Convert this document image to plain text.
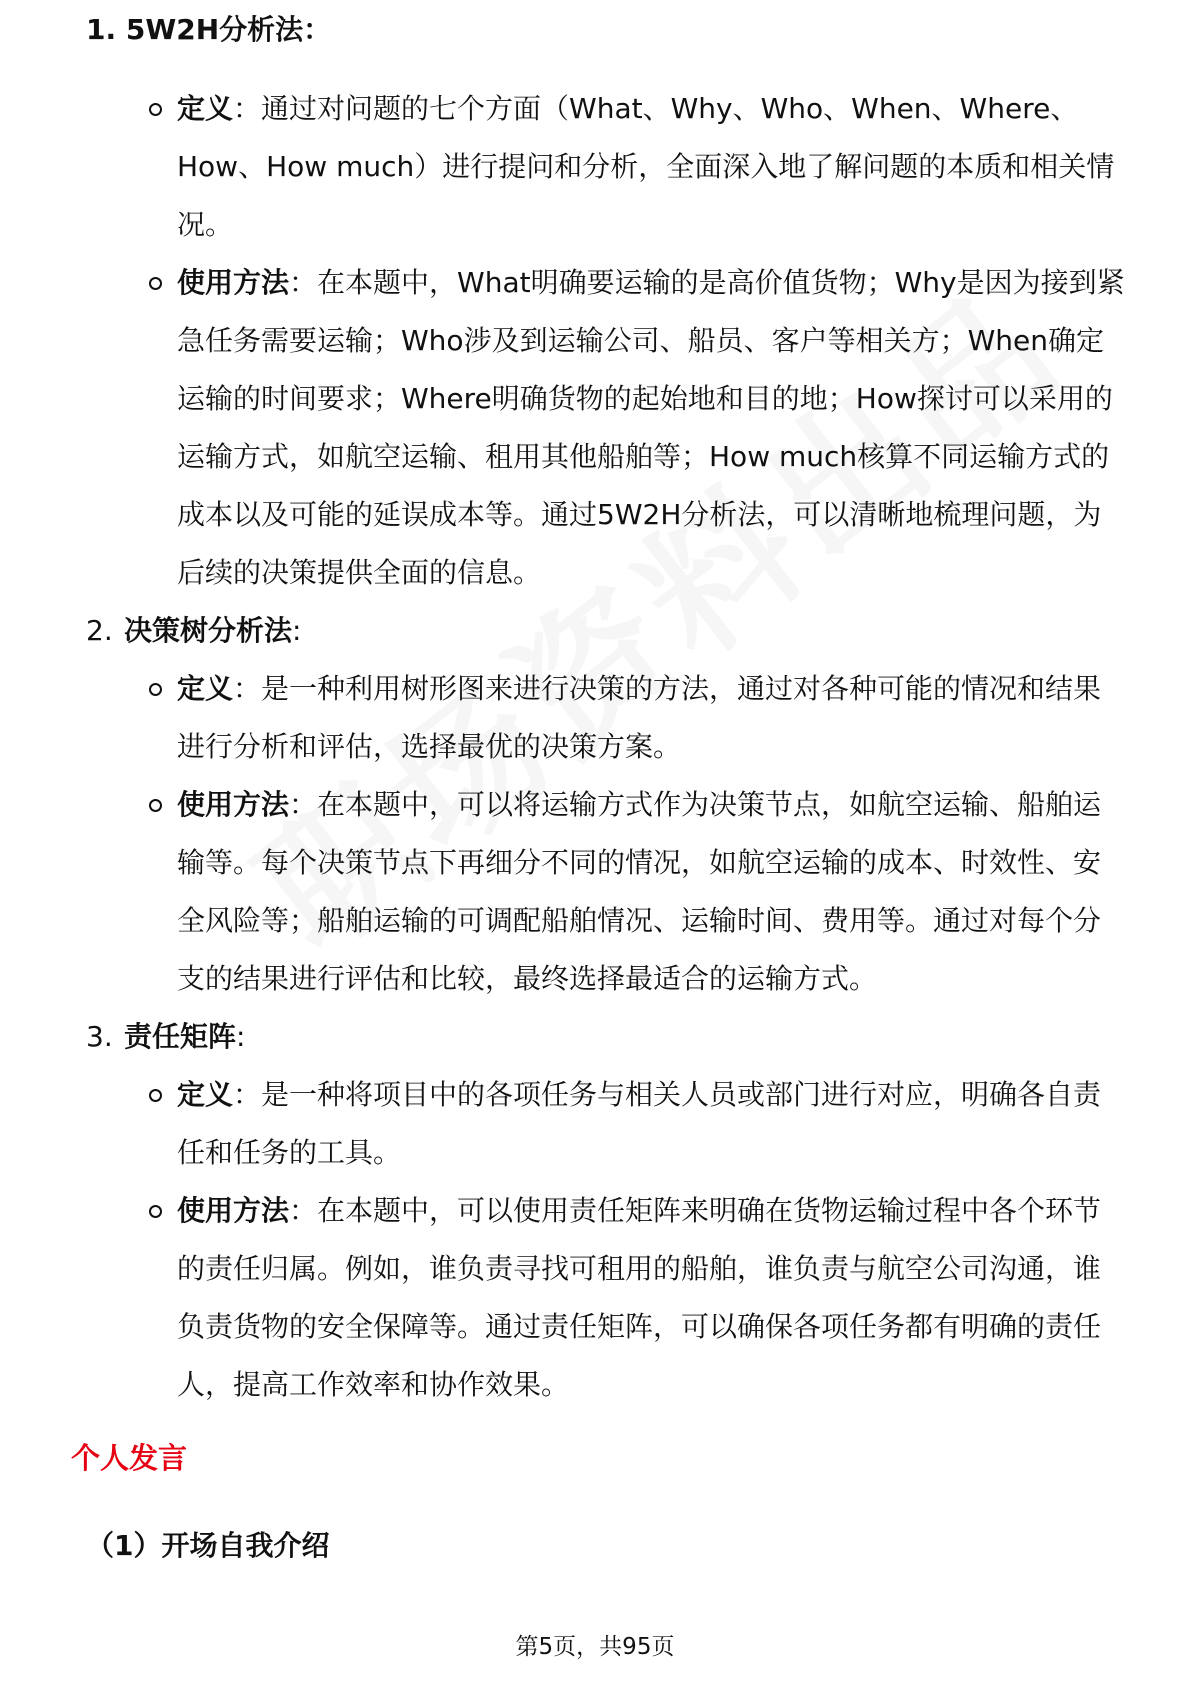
1. 5W2H分析法：
定义：通过对问题的七个方面（What、Why、Who、When、Where、How、How much）进行提问和分析，全面深入地了解问题的本质和相关情况。
使用方法：在本题中，What明确要运输的是高价值货物；Why是因为接到紧急任务需要运输；Who涉及到运输公司、船员、客户等相关方；When确定运输的时间要求；Where明确货物的起始地和目的地；How探讨可以采用的运输方式，如航空运输、租用其他船舶等；How much核算不同运输方式的成本以及可能的延误成本等。通过5W2H分析法，可以清晰地梳理问题，为后续的决策提供全面的信息。
2. 决策树分析法:
定义：是一种利用树形图来进行决策的方法，通过对各种可能的情况和结果进行分析和评估，选择最优的决策方案。
使用方法：在本题中，可以将运输方式作为决策节点，如航空运输、船舶运输等。每个决策节点下再细分不同的情况，如航空运输的成本、时效性、安全风险等；船舶运输的可调配船舶情况、运输时间、费用等。通过对每个分支的结果进行评估和比较，最终选择最适合的运输方式。
3. 责任矩阵:
定义：是一种将项目中的各项任务与相关人员或部门进行对应，明确各自责任和任务的工具。
使用方法：在本题中，可以使用责任矩阵来明确在货物运输过程中各个环节的责任归属。例如，谁负责寻找可租用的船舶，谁负责与航空公司沟通，谁负责货物的安全保障等。通过责任矩阵，可以确保各项任务都有明确的责任人，提高工作效率和协作效果。
个人发言
（1）开场自我介绍
第5页，共95页
